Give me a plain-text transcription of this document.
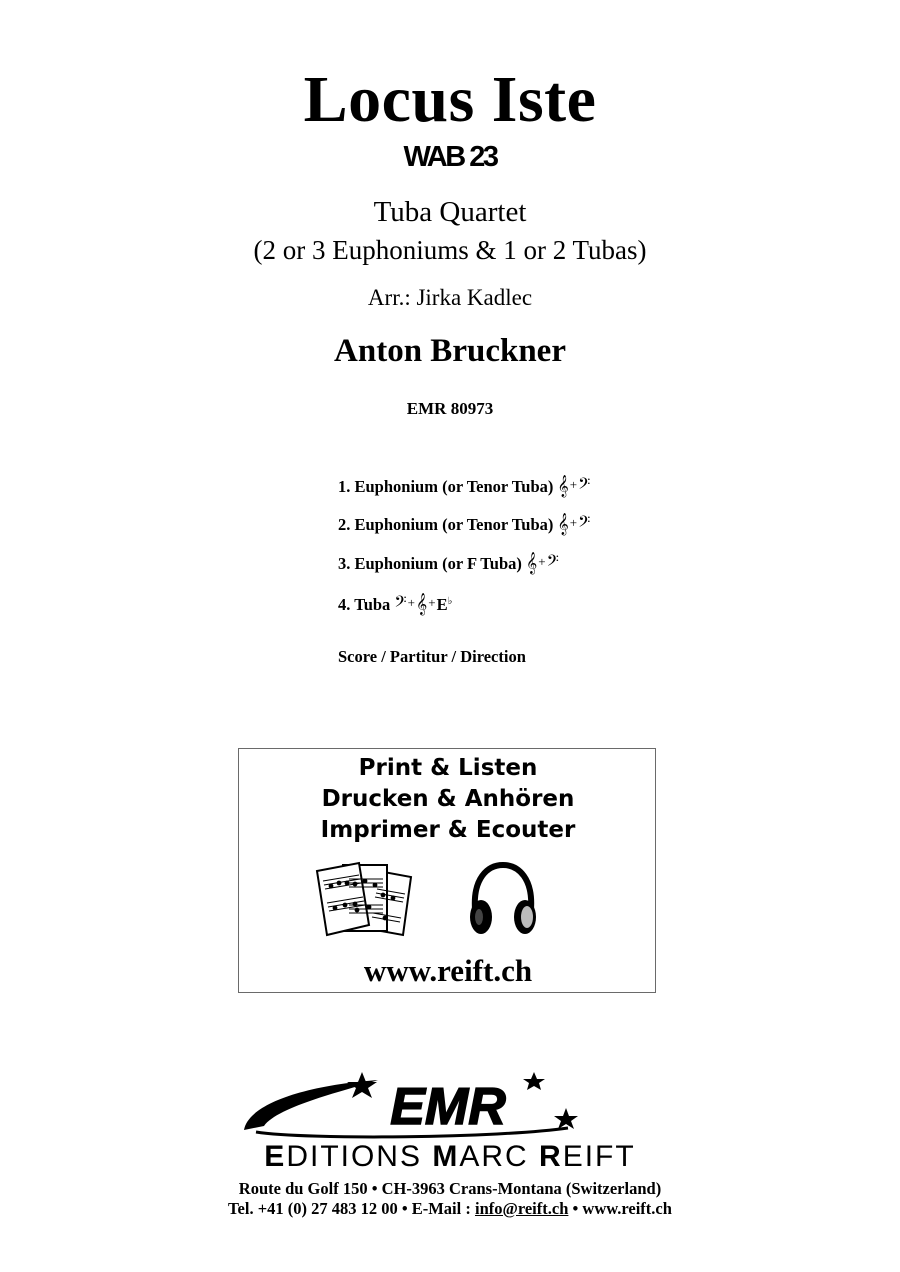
Locus Iste
WAB 23
Tuba Quartet
(2 or 3 Euphoniums & 1 or 2 Tubas)
Arr.: Jirka Kadlec
Anton Bruckner
EMR 80973
1. Euphonium (or Tenor Tuba) 𝄞+𝄢
2. Euphonium (or Tenor Tuba) 𝄞+𝄢
3. Euphonium (or F Tuba) 𝄞+𝄢
4. Tuba 𝄢+𝄞+E♭
Score / Partitur / Direction
Print & Listen
Drucken & Anhören
Imprimer & Ecouter
www.reift.ch
EMR
EDITIONS MARC REIFT
Route du Golf 150 • CH-3963 Crans-Montana (Switzerland)
Tel. +41 (0) 27 483 12 00 • E-Mail : info@reift.ch • www.reift.ch
